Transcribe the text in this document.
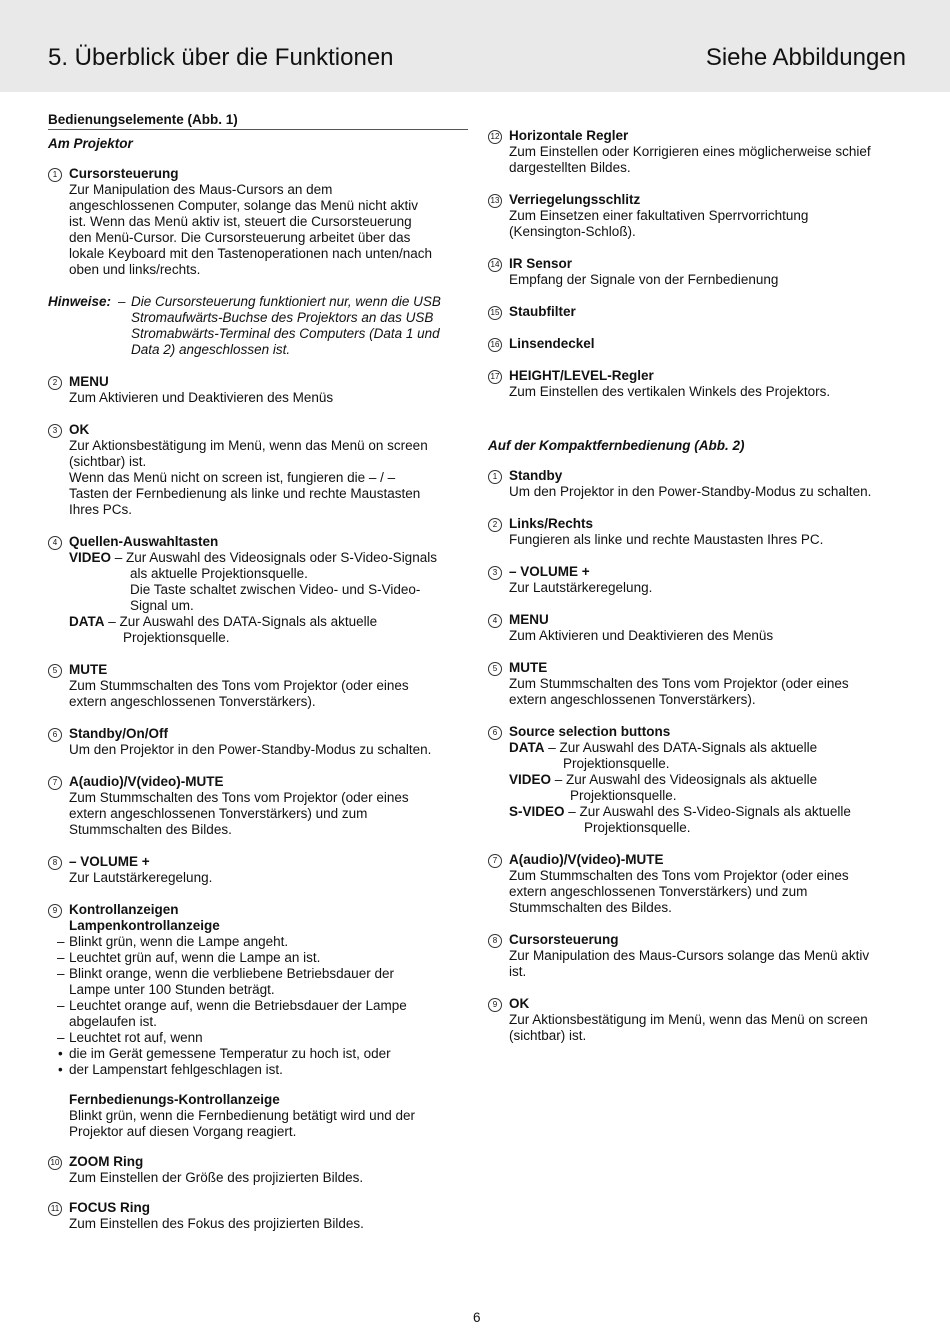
5. Überblick über die Funktionen	Siehe Abbildungen
Bedienungselemente (Abb. 1)
Am Projektor
1 Cursorsteuerung
Zur Manipulation des Maus-Cursors an dem
angeschlossenen Computer, solange das Menü nicht aktiv
ist. Wenn das Menü aktiv ist, steuert die Cursorsteuerung
den Menü-Cursor. Die Cursorsteuerung arbeitet über das
lokale Keyboard mit den Tastenoperationen nach unten/nach
oben und links/rechts.
Hinweise: – Die Cursorsteuerung funktioniert nur, wenn die USB
Stromaufwärts-Buchse des Projektors an das USB
Stromabwärts-Terminal des Computers (Data 1 und
Data 2) angeschlossen ist.
2 MENU
Zum Aktivieren und Deaktivieren des Menüs
3 OK
Zur Aktionsbestätigung im Menü, wenn das Menü on screen
(sichtbar) ist.
Wenn das Menü nicht on screen ist, fungieren die – / –
Tasten der Fernbedienung als linke und rechte Maustasten
Ihres PCs.
4 Quellen-Auswahltasten
VIDEO – Zur Auswahl des Videosignals oder S-Video-Signals
als aktuelle Projektionsquelle.
Die Taste schaltet zwischen Video- und S-Video-
Signal um.
DATA – Zur Auswahl des DATA-Signals als aktuelle
Projektionsquelle.
5 MUTE
Zum Stummschalten des Tons vom Projektor (oder eines
extern angeschlossenen Tonverstärkers).
6 Standby/On/Off
Um den Projektor in den Power-Standby-Modus zu schalten.
7 A(audio)/V(video)-MUTE
Zum Stummschalten des Tons vom Projektor (oder eines
extern angeschlossenen Tonverstärkers) und zum
Stummschalten des Bildes.
8 – VOLUME +
Zur Lautstärkeregelung.
9 Kontrollanzeigen
Lampenkontrollanzeige
– Blinkt grün, wenn die Lampe angeht.
– Leuchtet grün auf, wenn die Lampe an ist.
– Blinkt orange, wenn die verbliebene Betriebsdauer der
Lampe unter 100 Stunden beträgt.
– Leuchtet orange auf, wenn die Betriebsdauer der Lampe
abgelaufen ist.
– Leuchtet rot auf, wenn
• die im Gerät gemessene Temperatur zu hoch ist, oder
• der Lampenstart fehlgeschlagen ist.
Fernbedienungs-Kontrollanzeige
Blinkt grün, wenn die Fernbedienung betätigt wird und der
Projektor auf diesen Vorgang reagiert.
10 ZOOM Ring
Zum Einstellen der Größe des projizierten Bildes.
11 FOCUS Ring
Zum Einstellen des Fokus des projizierten Bildes.
12 Horizontale Regler
Zum Einstellen oder Korrigieren eines möglicherweise schief
dargestellten Bildes.
13 Verriegelungsschlitz
Zum Einsetzen einer fakultativen Sperrvorrichtung
(Kensington-Schloß).
14 IR Sensor
Empfang der Signale von der Fernbedienung
15 Staubfilter
16 Linsendeckel
17 HEIGHT/LEVEL-Regler
Zum Einstellen des vertikalen Winkels des Projektors.
Auf der Kompaktfernbedienung (Abb. 2)
1 Standby
Um den Projektor in den Power-Standby-Modus zu schalten.
2 Links/Rechts
Fungieren als linke und rechte Maustasten Ihres PC.
3 – VOLUME +
Zur Lautstärkeregelung.
4 MENU
Zum Aktivieren und Deaktivieren des Menüs
5 MUTE
Zum Stummschalten des Tons vom Projektor (oder eines
extern angeschlossenen Tonverstärkers).
6 Source selection buttons
DATA – Zur Auswahl des DATA-Signals als aktuelle
Projektionsquelle.
VIDEO – Zur Auswahl des Videosignals als aktuelle
Projektionsquelle.
S-VIDEO – Zur Auswahl des S-Video-Signals als aktuelle
Projektionsquelle.
7 A(audio)/V(video)-MUTE
Zum Stummschalten des Tons vom Projektor (oder eines
extern angeschlossenen Tonverstärkers) und zum
Stummschalten des Bildes.
8 Cursorsteuerung
Zur Manipulation des Maus-Cursors solange das Menü aktiv
ist.
9 OK
Zur Aktionsbestätigung im Menü, wenn das Menü on screen
(sichtbar) ist.
6
